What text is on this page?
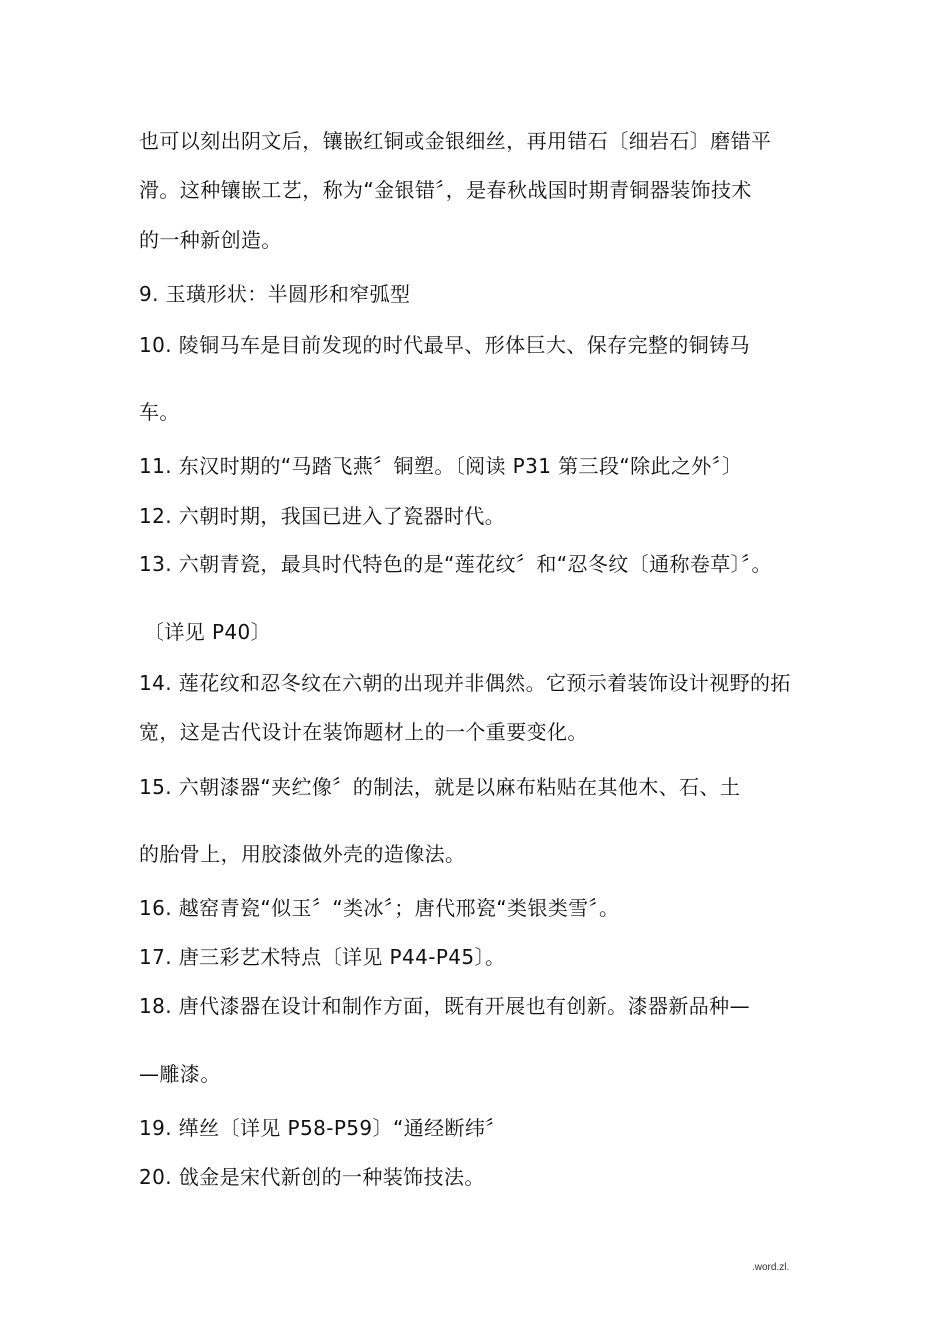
也可以刻出阴文后，镶嵌红铜或金银细丝，再用错石〔细岩石〕磨错平
滑。这种镶嵌工艺，称为“金银错〞，是春秋战国时期青铜器装饰技术
的一种新创造。
9. 玉璜形状：半圆形和窄弧型
10. 陵铜马车是目前发现的时代最早、形体巨大、保存完整的铜铸马
车。
11. 东汉时期的“马踏飞燕〞铜塑。〔阅读 P31 第三段“除此之外〞〕
12. 六朝时期，我国已进入了瓷器时代。
13. 六朝青瓷，最具时代特色的是“莲花纹〞和“忍冬纹〔通称卷草〕〞。
〔详见 P40〕
14. 莲花纹和忍冬纹在六朝的出现并非偶然。它预示着装饰设计视野的拓
宽，这是古代设计在装饰题材上的一个重要变化。
15. 六朝漆器“夹纻像〞的制法，就是以麻布粘贴在其他木、石、土
的胎骨上，用胶漆做外壳的造像法。
16. 越窑青瓷“似玉〞“类冰〞；唐代邢瓷“类银类雪〞。
17. 唐三彩艺术特点〔详见 P44-P45〕。
18. 唐代漆器在设计和制作方面，既有开展也有创新。漆器新品种—
—雕漆。
19. 缂丝〔详见 P58-P59〕“通经断纬〞
20. 戗金是宋代新创的一种装饰技法。
.word.zl.
